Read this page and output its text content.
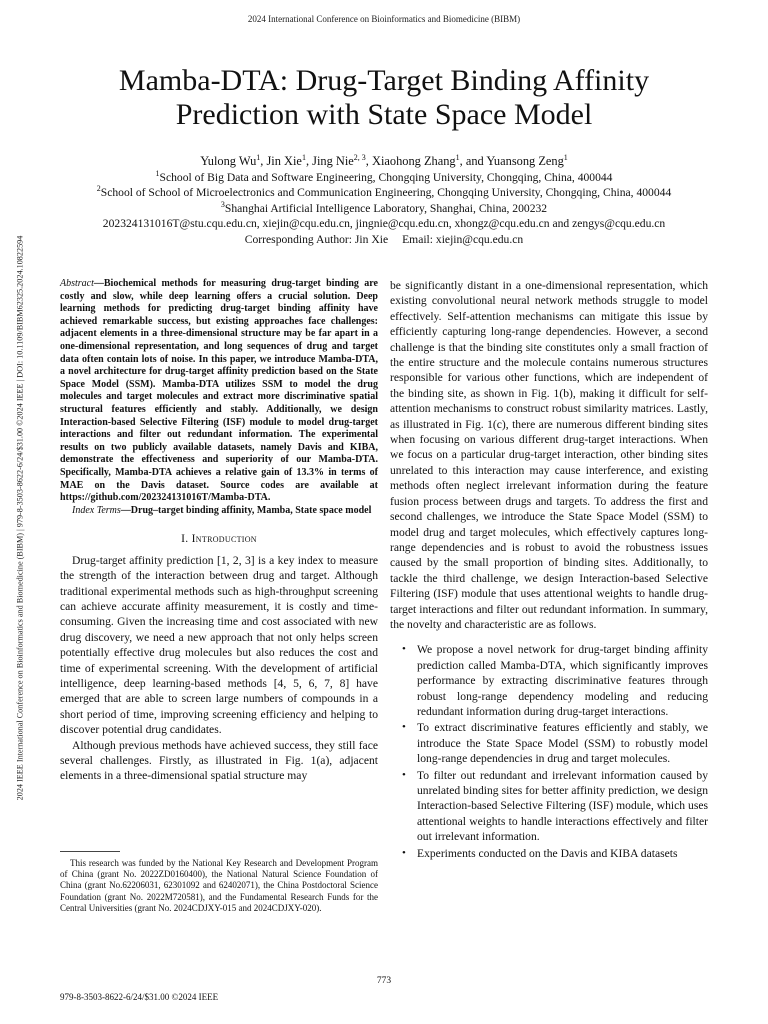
2024 International Conference on Bioinformatics and Biomedicine (BIBM)
2024 IEEE International Conference on Bioinformatics and Biomedicine (BIBM) | 979-8-3503-8622-6/24/$31.00 ©2024 IEEE | DOI: 10.1109/BIBM62325.2024.10822594
Mamba-DTA: Drug-Target Binding Affinity
Prediction with State Space Model
Yulong Wu$^1$, Jin Xie$^1$, Jing Nie$^{2, 3}$, Xiaohong Zhang$^1$, and Yuansong Zeng$^1$
$^1$School of Big Data and Software Engineering, Chongqing University, Chongqing, China, 400044
$^2$School of School of Microelectronics and Communication Engineering, Chongqing University, Chongqing, China, 400044
$^3$Shanghai Artificial Intelligence Laboratory, Shanghai, China, 200232
202324131016T@stu.cqu.edu.cn, xiejin@cqu.edu.cn, jingnie@cqu.edu.cn, xhongz@cqu.edu.cn and zengys@cqu.edu.cn
Corresponding Author: Jin Xie Email: xiejin@cqu.edu.cn

Abstract—Biochemical methods for measuring drug-target binding are costly and slow, while deep learning offers a crucial solution. Deep learning methods for predicting drug-target binding affinity have achieved remarkable success, but existing approaches face challenges: adjacent elements in a three-dimensional structure may be far apart in a one-dimensional representation, and long sequences of drug and target data often contain lots of noise. In this paper, we introduce Mamba-DTA, a novel architecture for drug-target affinity prediction based on the State Space Model (SSM). Mamba-DTA utilizes SSM to model the drug molecules and target molecules and extract more discriminative spatial structural features efficiently and stably. Additionally, we design Interaction-based Selective Filtering (ISF) module to model drug-target interactions and filter out redundant information. The experimental results on two publicly available datasets, namely Davis and KIBA, demonstrate the effectiveness and superiority of our Mamba-DTA. Specifically, Mamba-DTA achieves a relative gain of 13.3% in terms of MAE on the Davis dataset. Source codes are available at https://github.com/202324131016T/Mamba-DTA.

Index Terms—Drug–target binding affinity, Mamba, State space model

I. Introduction

Drug-target affinity prediction [1, 2, 3] is a key index to measure the strength of the interaction between drug and target. Although traditional experimental methods such as high-throughput screening can achieve accurate affinity measurement, it is costly and time-consuming. Given the increasing time and cost associated with new drug discovery, we need a new approach that not only helps screen potentially effective drug molecules but also reduces the cost and time of experimental screening. With the development of artificial intelligence, deep learning-based methods [4, 5, 6, 7, 8] have emerged that are able to screen large numbers of compounds in a short period of time, improving screening efficiency and helping to discover potential drug candidates.

Although previous methods have achieved success, they still face several challenges. Firstly, as illustrated in Fig. 1(a), adjacent elements in a three-dimensional spatial structure may

This research was funded by the National Key Research and Development Program of China (grant No. 2022ZD0160400), the National Natural Science Foundation of China (grant No.62206031, 62301092 and 62402071), the China Postdoctoral Science Foundation (grant No. 2022M720581), and the Fundamental Research Funds for the Central Universities (grant No. 2024CDJXY-015 and 2024CDJXY-020).

be significantly distant in a one-dimensional representation, which existing convolutional neural network methods struggle to model effectively. Self-attention mechanisms can mitigate this issue by efficiently capturing long-range dependencies. However, a second challenge is that the binding site constitutes only a small fraction of the entire structure and the molecule contains numerous structures responsible for various other functions, which are independent of the binding site, as shown in Fig. 1(b), making it difficult for self-attention mechanisms to construct robust similarity matrices. Lastly, as illustrated in Fig. 1(c), there are numerous different binding sites when focusing on various different drug-target interactions. When we focus on a particular drug-target interaction, other binding sites unrelated to this interaction may cause interference, and existing methods often neglect irrelevant information during the feature fusion process between drugs and targets. To address the first and second challenges, we introduce the State Space Model (SSM) to model drug and target molecules, which effectively captures long-range dependencies and is robust to avoid the robustness issues caused by the small proportion of binding sites. Additionally, to tackle the third challenge, we design Interaction-based Selective Filtering (ISF) module that uses attentional weights to handle drug-target interactions and filter out redundant information. In summary, the novelty and characteristic are as follows.

• We propose a novel network for drug-target binding affinity prediction called Mamba-DTA, which significantly improves performance by extracting discriminative features through robust long-range dependency modeling and reducing redundant information during drug-target interactions.
• To extract discriminative features efficiently and stably, we introduce the State Space Model (SSM) to robustly model long-range dependencies in drug and target molecules.
• To filter out redundant and irrelevant information caused by unrelated binding sites for better affinity prediction, we design Interaction-based Selective Filtering (ISF) module, which uses attentional weights to handle interactions effectively and filter out irrelevant information.
• Experiments conducted on the Davis and KIBA datasets
773
979-8-3503-8622-6/24/$31.00 ©2024 IEEE
